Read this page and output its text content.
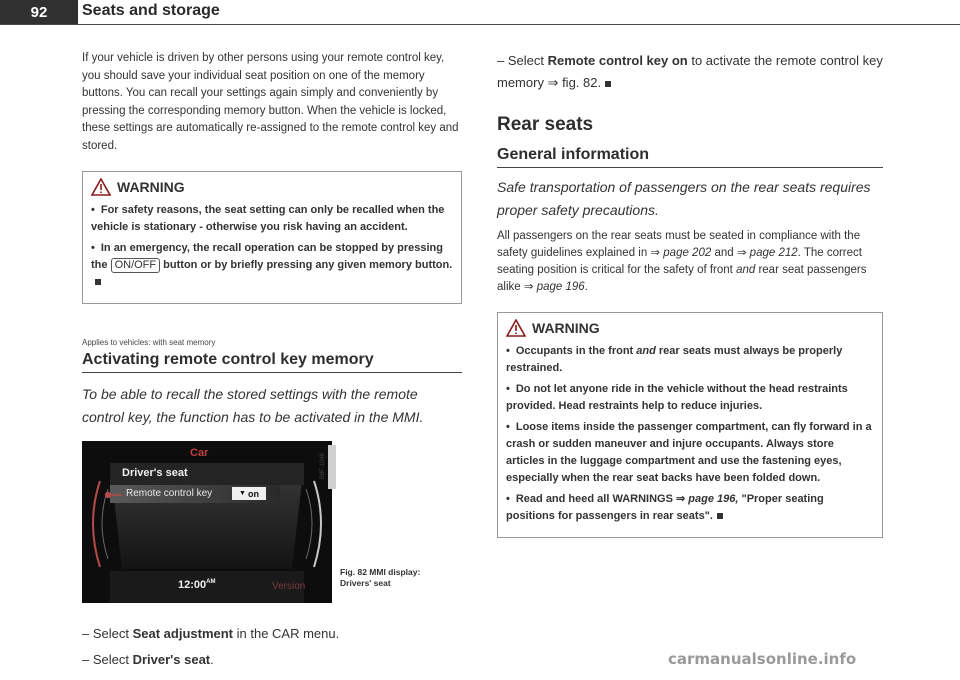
92	Seats and storage

If your vehicle is driven by other persons using your remote control key, you should save your individual seat position on one of the memory buttons. You can recall your settings again simply and conveniently by pressing the corresponding memory button. When the vehicle is locked, these settings are automatically re-assigned to the remote control key and stored.

WARNING
• For safety reasons, the seat setting can only be recalled when the vehicle is stationary - otherwise you risk having an accident.
• In an emergency, the recall operation can be stopped by pressing the ON/OFF button or by briefly pressing any given memory button.
Applies to vehicles: with seat memory
Activating remote control key memory
To be able to recall the stored settings with the remote control key, the function has to be activated in the MMI.
Car
Driver's seat
Remote control key	▼ on
$12:00^{AM}$	Version
B8F-1046
Fig. 82 MMI display:
Drivers' seat

– Select Seat adjustment in the CAR menu.

– Select Driver's seat.

– Select Remote control key on to activate the remote control key memory ⇒ fig. 82.

Rear seats
General information
Safe transportation of passengers on the rear seats requires proper safety precautions.

All passengers on the rear seats must be seated in compliance with the safety guidelines explained in ⇒ page 202 and ⇒ page 212. The correct seating position is critical for the safety of front and rear seat passengers alike ⇒ page 196.

WARNING
• Occupants in the front and rear seats must always be properly restrained.
• Do not let anyone ride in the vehicle without the head restraints provided. Head restraints help to reduce injuries.
• Loose items inside the passenger compartment, can fly forward in a crash or sudden maneuver and injure occupants. Always store articles in the luggage compartment and use the fastening eyes, especially when the rear seat backs have been folded down.
• Read and heed all WARNINGS ⇒ page 196, "Proper seating positions for passengers in rear seats".
carmanualsonline.info
